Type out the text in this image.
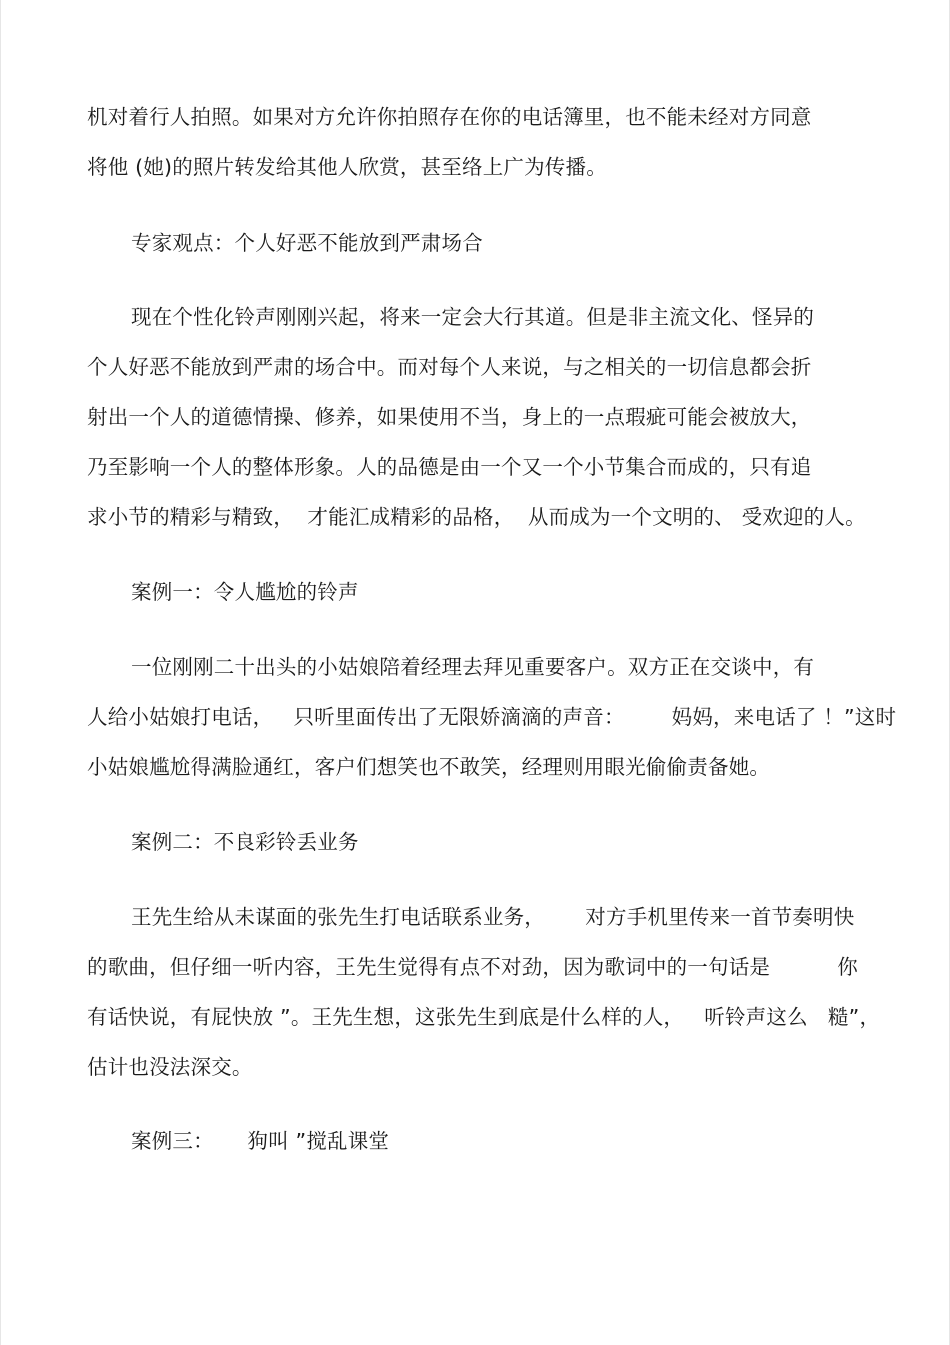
机对着行人拍照。如果对方允许你拍照存在你的电话簿里，也不能未经对方同意
将他 (她)的照片转发给其他人欣赏，甚至络上广为传播。
专家观点：个人好恶不能放到严肃场合
现在个性化铃声刚刚兴起，将来一定会大行其道。但是非主流文化、怪异的
个人好恶不能放到严肃的场合中。而对每个人来说，与之相关的一切信息都会折
射出一个人的道德情操、修养，如果使用不当，身上的一点瑕疵可能会被放大，
乃至影响一个人的整体形象。人的品德是由一个又一个小节集合而成的，只有追
求小节的精彩与精致，  才能汇成精彩的品格，  从而成为一个文明的、 受欢迎的人。
案例一：令人尴尬的铃声
一位刚刚二十出头的小姑娘陪着经理去拜见重要客户。双方正在交谈中，有
人给小姑娘打电话，   只听里面传出了无限娇滴滴的声音：       妈妈，来电话了 ！”这时
小姑娘尴尬得满脸通红，客户们想笑也不敢笑，经理则用眼光偷偷责备她。
案例二：不良彩铃丢业务
王先生给从未谋面的张先生打电话联系业务，      对方手机里传来一首节奏明快
的歌曲，但仔细一听内容，王先生觉得有点不对劲，因为歌词中的一句话是          你
有话快说，有屁快放 ”。王先生想，这张先生到底是什么样的人，   听铃声这么   糙”，
估计也没法深交。
案例三：     狗叫 ”搅乱课堂
